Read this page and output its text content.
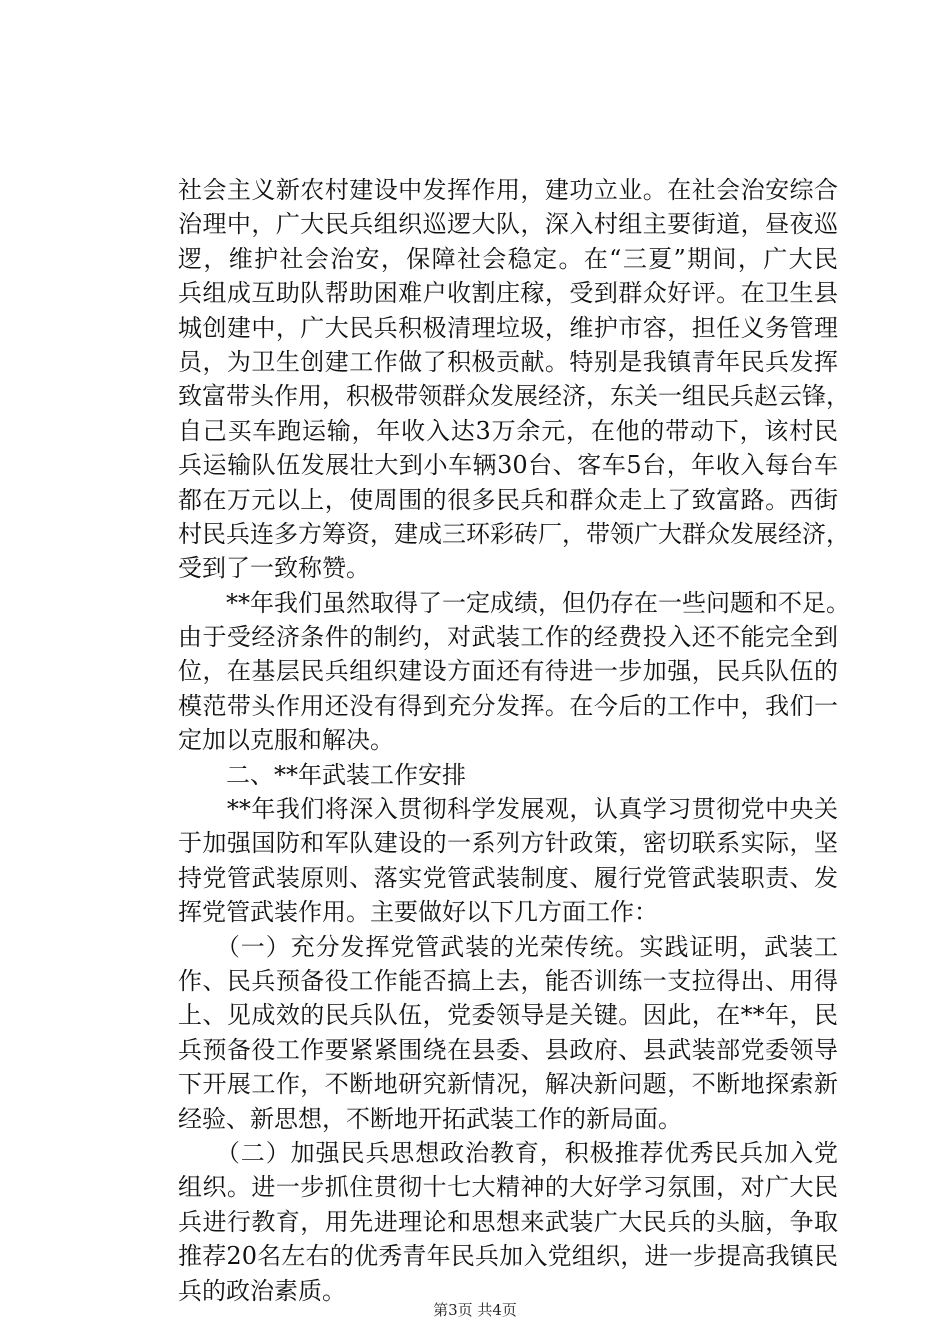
社会主义新农村建设中发挥作用，建功立业。在社会治安综合
治理中，广大民兵组织巡逻大队，深入村组主要街道，昼夜巡
逻，维护社会治安，保障社会稳定。在“三夏”期间，广大民
兵组成互助队帮助困难户收割庄稼，受到群众好评。在卫生县
城创建中，广大民兵积极清理垃圾，维护市容，担任义务管理
员，为卫生创建工作做了积极贡献。特别是我镇青年民兵发挥
致富带头作用，积极带领群众发展经济，东关一组民兵赵云锋，
自己买车跑运输，年收入达3万余元，在他的带动下，该村民
兵运输队伍发展壮大到小车辆30台、客车5台，年收入每台车
都在万元以上，使周围的很多民兵和群众走上了致富路。西街
村民兵连多方筹资，建成三环彩砖厂，带领广大群众发展经济，
受到了一致称赞。
　　**年我们虽然取得了一定成绩，但仍存在一些问题和不足。
由于受经济条件的制约，对武装工作的经费投入还不能完全到
位，在基层民兵组织建设方面还有待进一步加强，民兵队伍的
模范带头作用还没有得到充分发挥。在今后的工作中，我们一
定加以克服和解决。
　　二、**年武装工作安排
　　**年我们将深入贯彻科学发展观，认真学习贯彻党中央关
于加强国防和军队建设的一系列方针政策，密切联系实际，坚
持党管武装原则、落实党管武装制度、履行党管武装职责、发
挥党管武装作用。主要做好以下几方面工作：
　　（一）充分发挥党管武装的光荣传统。实践证明，武装工
作、民兵预备役工作能否搞上去，能否训练一支拉得出、用得
上、见成效的民兵队伍，党委领导是关键。因此，在**年，民
兵预备役工作要紧紧围绕在县委、县政府、县武装部党委领导
下开展工作，不断地研究新情况，解决新问题，不断地探索新
经验、新思想，不断地开拓武装工作的新局面。
　　（二）加强民兵思想政治教育，积极推荐优秀民兵加入党
组织。进一步抓住贯彻十七大精神的大好学习氛围，对广大民
兵进行教育，用先进理论和思想来武装广大民兵的头脑，争取
推荐20名左右的优秀青年民兵加入党组织，进一步提高我镇民
兵的政治素质。
第3页 共4页
